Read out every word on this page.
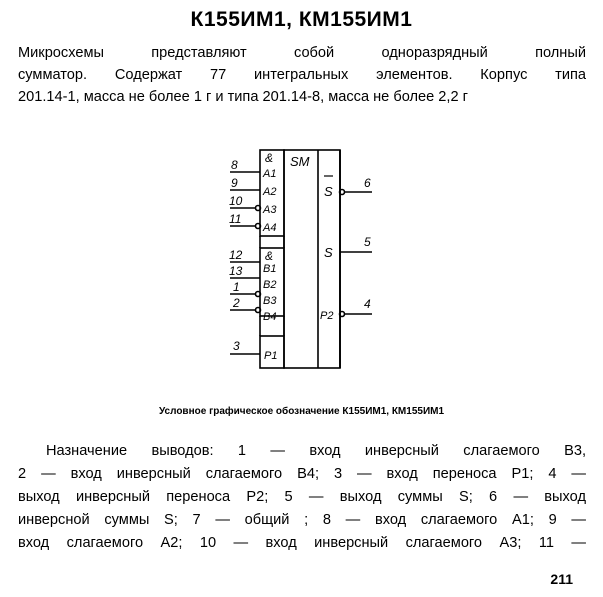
К155ИМ1, КМ155ИМ1

Микросхемы представляют собой одноразрядный полный
сумматор. Содержат 77 интегральных элементов. Корпус типа
201.14-1, масса не более 1 г и типа 201.14-8, масса не более 2,2 г

&
&
SM
A1
A2
A3
A4
B1
B2
B3
B4
P1
8
9
10
11
12
13
1
2
3
S
S
P2
6
5
4
Условное графическое обозначение К155ИМ1, КМ155ИМ1

Назначение выводов: 1 — вход инверсный слагаемого B3,
2 — вход инверсный слагаемого B4; 3 — вход переноса P1; 4 —
выход инверсный переноса P2; 5 — выход суммы S; 6 — выход
инверсной суммы S; 7 — общий ; 8 — вход слагаемого A1; 9 —
вход слагаемого A2; 10 — вход инверсный слагаемого A3; 11 —

211
